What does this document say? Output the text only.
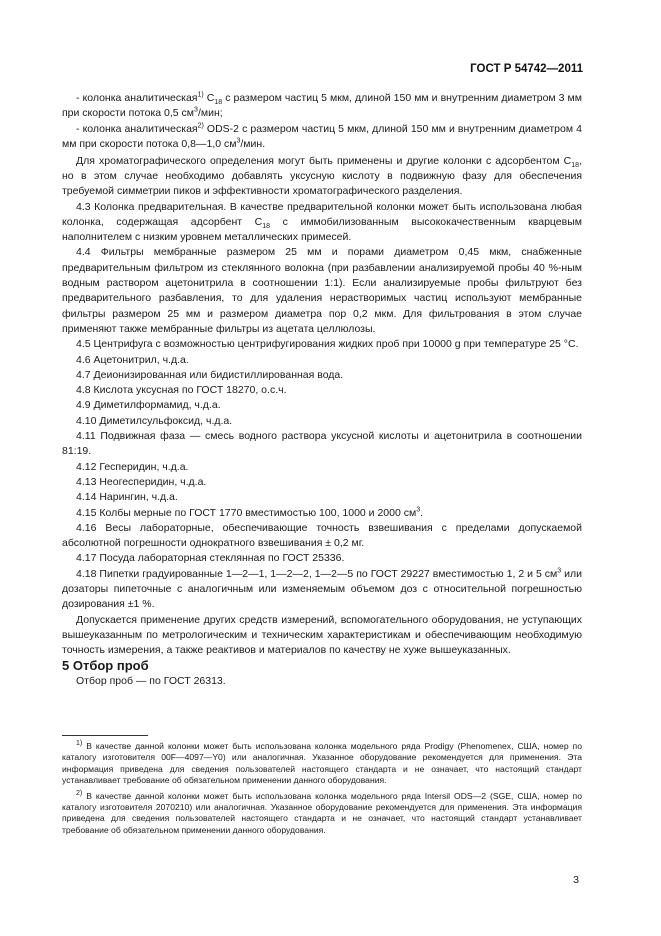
ГОСТ Р 54742—2011

- колонка аналитическая$^{1)}$ $C_{18}$ с размером частиц 5 мкм, длиной 150 мм и внутренним диаметром 3 мм при скорости потока 0,5 $см^3$/мин;

- колонка аналитическая$^{2)}$ ODS-2 с размером частиц 5 мкм, длиной 150 мм и внутренним диаметром 4 мм при скорости потока 0,8—1,0 $см^3$/мин.

Для хроматографического определения могут быть применены и другие колонки с адсорбентом $С_{18}$, но в этом случае необходимо добавлять уксусную кислоту в подвижную фазу для обеспечения требуемой симметрии пиков и эффективности хроматографического разделения.

4.3 Колонка предварительная. В качестве предварительной колонки может быть использована любая колонка, содержащая адсорбент $С_{18}$ с иммобилизованным высококачественным кварцевым наполнителем с низким уровнем металлических примесей.

4.4 Фильтры мембранные размером 25 мм и порами диаметром 0,45 мкм, снабженные предварительным фильтром из стеклянного волокна (при разбавлении анализируемой пробы 40 %-ным водным раствором ацетонитрила в соотношении 1:1). Если анализируемые пробы фильтруют без предварительного разбавления, то для удаления нерастворимых частиц используют мембранные фильтры размером 25 мм и размером диаметра пор 0,2 мкм. Для фильтрования в этом случае применяют также мембранные фильтры из ацетата целлюлозы.

4.5 Центрифуга с возможностью центрифугирования жидких проб при 10000 g при температуре 25 °С.

4.6 Ацетонитрил, ч.д.а.

4.7 Деионизированная или бидистиллированная вода.

4.8 Кислота уксусная по ГОСТ 18270, о.с.ч.

4.9 Диметилформамид, ч.д.а.

4.10 Диметилсульфоксид, ч.д.а.

4.11 Подвижная фаза — смесь водного раствора уксусной кислоты и ацетонитрила в соотношении 81:19.

4.12 Гесперидин, ч.д.а.

4.13 Неогесперидин, ч.д.а.

4.14 Нарингин, ч.д.а.

4.15 Колбы мерные по ГОСТ 1770 вместимостью 100, 1000 и 2000 $см^3$.

4.16 Весы лабораторные, обеспечивающие точность взвешивания с пределами допускаемой абсолютной погрешности однократного взвешивания ± 0,2 мг.

4.17 Посуда лабораторная стеклянная по ГОСТ 25336.

4.18 Пипетки градуированные 1—2—1, 1—2—2, 1—2—5 по ГОСТ 29227 вместимостью 1, 2 и 5 $см^3$ или дозаторы пипеточные с аналогичным или изменяемым объемом доз с относительной погрешностью дозирования ±1 %.

Допускается применение других средств измерений, вспомогательного оборудования, не уступающих вышеуказанным по метрологическим и техническим характеристикам и обеспечивающим необходимую точность измерения, а также реактивов и материалов по качеству не хуже вышеуказанных.

5 Отбор проб

Отбор проб — по ГОСТ 26313.

$^{1)}$ В качестве данной колонки может быть использована колонка модельного ряда Prodigy (Phenomenex, США, номер по каталогу изготовителя 00F—4097—Y0) или аналогичная. Указанное оборудование рекомендуется для применения. Эта информация приведена для сведения пользователей настоящего стандарта и не означает, что настоящий стандарт устанавливает требование об обязательном применении данного оборудования.

$^{2)}$ В качестве данной колонки может быть использована колонка модельного ряда Intersil ODS—2 (SGE, США, номер по каталогу изготовителя 2070210) или аналогичная. Указанное оборудование рекомендуется для применения. Эта информация приведена для сведения пользователей настоящего стандарта и не означает, что настоящий стандарт устанавливает требование об обязательном применении данного оборудования.

3
